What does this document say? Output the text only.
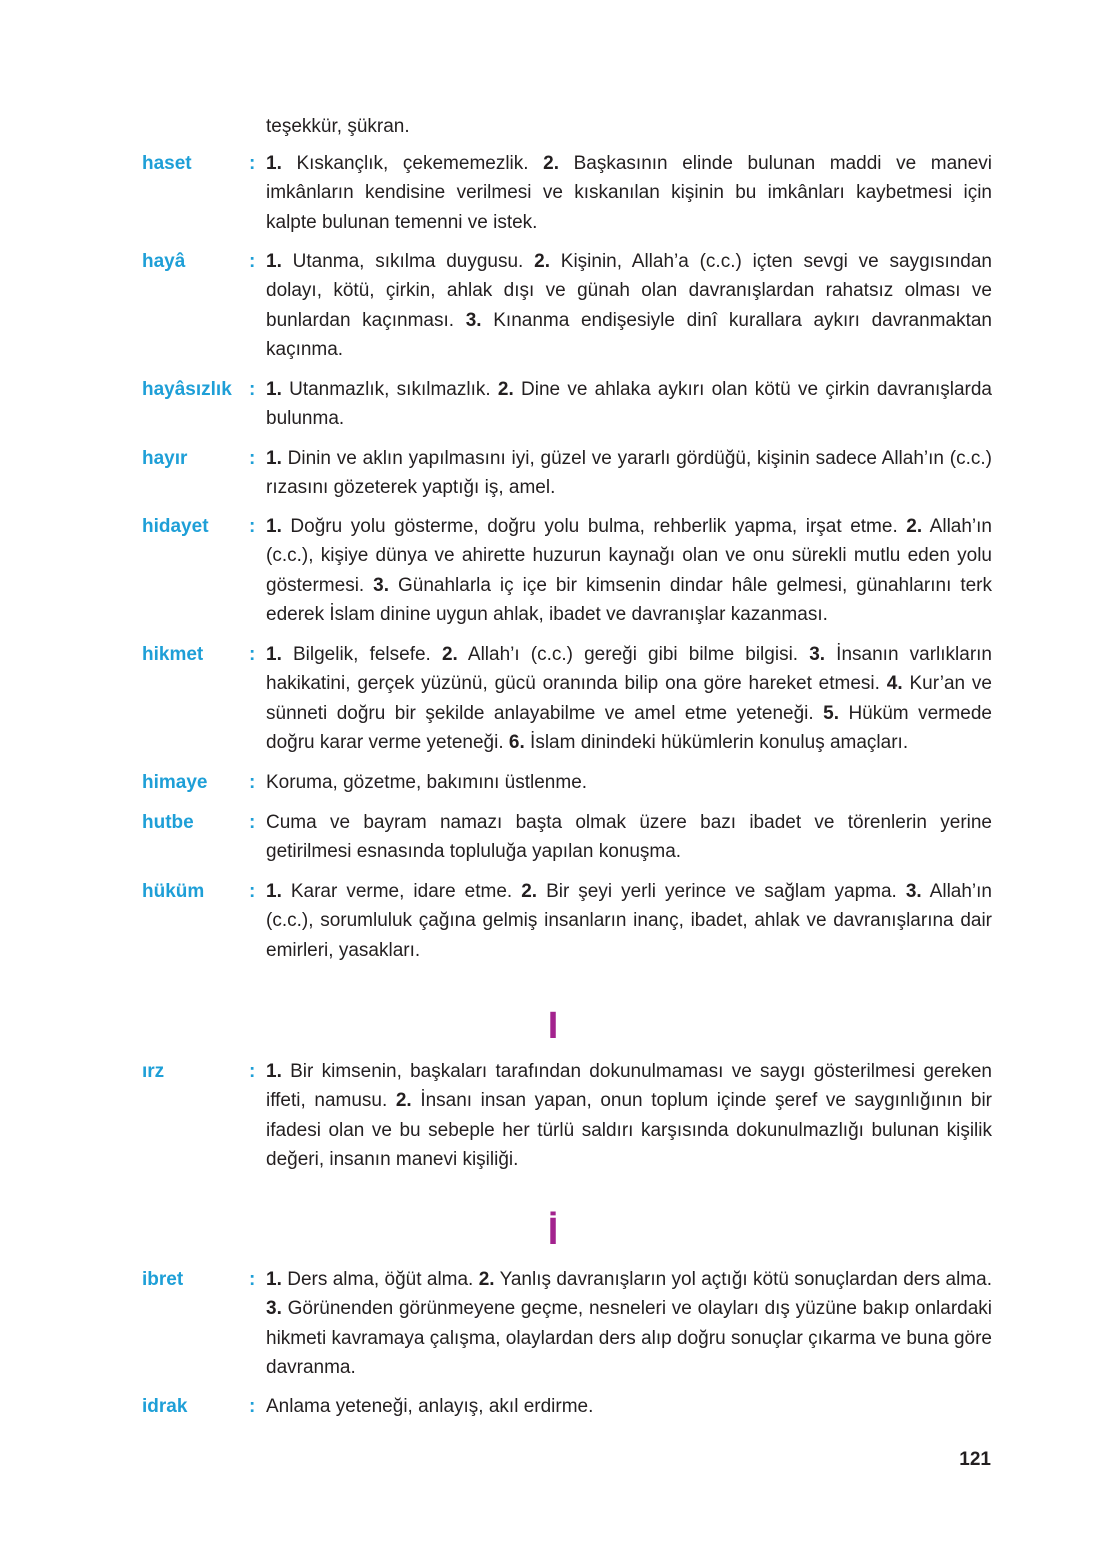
teşekkür, şükran.
haset	: 1. Kıskançlık, çekememezlik. 2. Başkasının elinde bulunan maddi ve manevi imkânların kendisine verilmesi ve kıskanılan kişinin bu imkânları kaybetmesi için kalpte bulunan temenni ve istek.
hayâ	: 1. Utanma, sıkılma duygusu. 2. Kişinin, Allah’a (c.c.) içten sevgi ve saygısından dolayı, kötü, çirkin, ahlak dışı ve günah olan davranışlardan rahatsız olması ve bunlardan kaçınması. 3. Kınanma endişesiyle dinî kurallara aykırı davranmaktan kaçınma.
hayâsızlık : 1. Utanmazlık, sıkılmazlık. 2. Dine ve ahlaka aykırı olan kötü ve çirkin davranışlarda bulunma.
hayır	: 1. Dinin ve aklın yapılmasını iyi, güzel ve yararlı gördüğü, kişinin sadece Allah’ın (c.c.) rızasını gözeterek yaptığı iş, amel.
hidayet : 1. Doğru yolu gösterme, doğru yolu bulma, rehberlik yapma, irşat etme. 2. Allah’ın (c.c.), kişiye dünya ve ahirette huzurun kaynağı olan ve onu sürekli mutlu eden yolu göstermesi. 3. Günahlarla iç içe bir kimsenin dindar hâle gelmesi, günahlarını terk ederek İslam dinine uygun ahlak, ibadet ve davranışlar kazanması.
hikmet : 1. Bilgelik, felsefe. 2. Allah’ı (c.c.) gereği gibi bilme bilgisi. 3. İnsanın varlıkların hakikatini, gerçek yüzünü, gücü oranında bilip ona göre hareket etmesi. 4. Kur’an ve sünneti doğru bir şekilde anlayabilme ve amel etme yeteneği. 5. Hüküm vermede doğru karar verme yeteneği. 6. İslam dinindeki hükümlerin konuluş amaçları.
himaye : Koruma, gözetme, bakımını üstlenme.
hutbe	: Cuma ve bayram namazı başta olmak üzere bazı ibadet ve törenlerin yerine getirilmesi esnasında topluluğa yapılan konuşma.
hüküm : 1. Karar verme, idare etme. 2. Bir şeyi yerli yerince ve sağlam yapma. 3. Allah’ın (c.c.), sorumluluk çağına gelmiş insanların inanç, ibadet, ahlak ve davranışlarına dair emirleri, yasakları.
I
ırz	: 1. Bir kimsenin, başkaları tarafından dokunulmaması ve saygı gösterilmesi gereken iffeti, namusu. 2. İnsanı insan yapan, onun toplum içinde şeref ve saygınlığının bir ifadesi olan ve bu sebeple her türlü saldırı karşısında dokunulmazlığı bulunan kişilik değeri, insanın manevi kişiliği.
İ
ibret	: 1. Ders alma, öğüt alma. 2. Yanlış davranışların yol açtığı kötü sonuçlardan ders alma. 3. Görünenden görünmeyene geçme, nesneleri ve olayları dış yüzüne bakıp onlardaki hikmeti kavramaya çalışma, olaylardan ders alıp doğru sonuçlar çıkarma ve buna göre davranma.
idrak	: Anlama yeteneği, anlayış, akıl erdirme.
121
